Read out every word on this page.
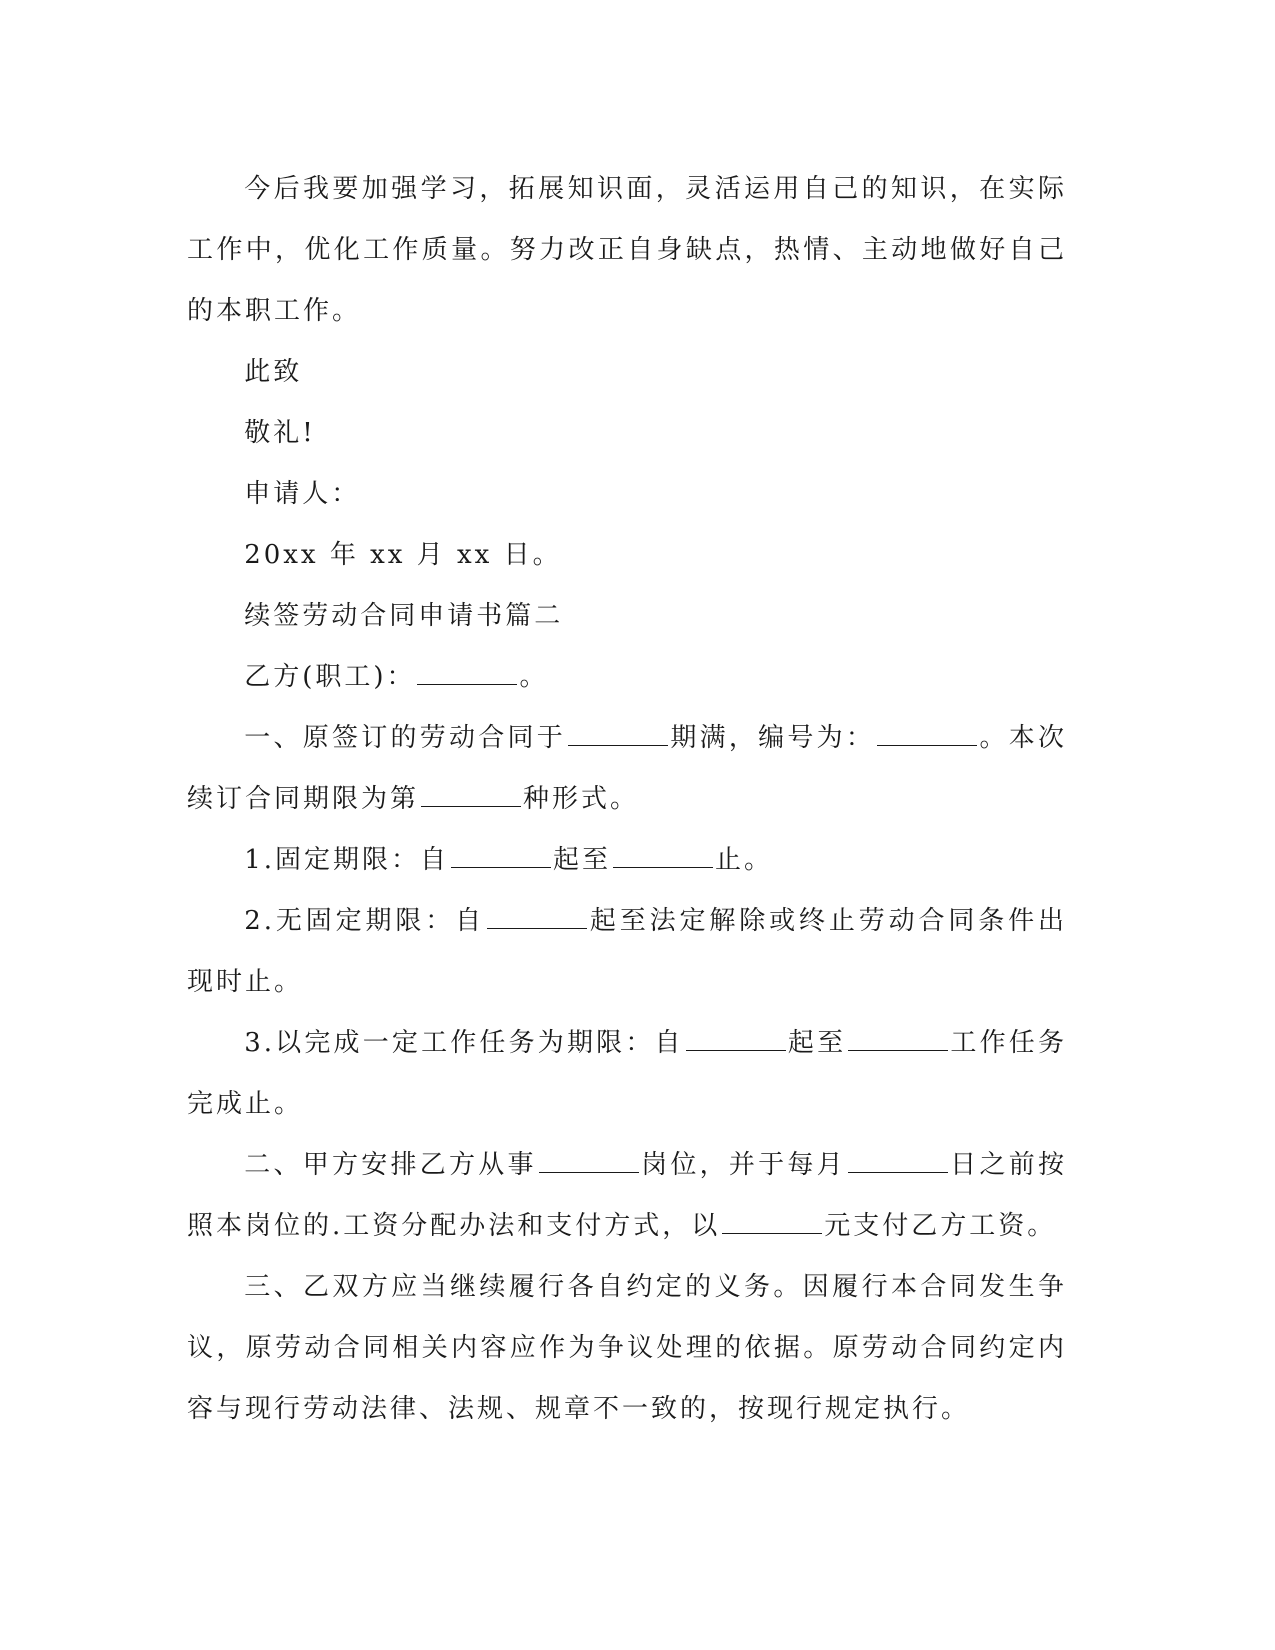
今后我要加强学习，拓展知识面，灵活运用自己的知识，在实际工作中，优化工作质量。努力改正自身缺点，热情、主动地做好自己的本职工作。

此致

敬礼!

申请人：

20xx 年 xx 月 xx 日。

续签劳动合同申请书篇二

乙方(职工)：	。

一、原签订的劳动合同于	期满，编号为：	。本次续订合同期限为第	种形式。

1.固定期限：自	起至	止。

2.无固定期限：自	起至法定解除或终止劳动合同条件出现时止。

3.以完成一定工作任务为期限：自	起至	工作任务完成止。

二、甲方安排乙方从事	岗位，并于每月	日之前按照本岗位的.工资分配办法和支付方式，以	元支付乙方工资。

三、乙双方应当继续履行各自约定的义务。因履行本合同发生争议，原劳动合同相关内容应作为争议处理的依据。原劳动合同约定内容与现行劳动法律、法规、规章不一致的，按现行规定执行。
